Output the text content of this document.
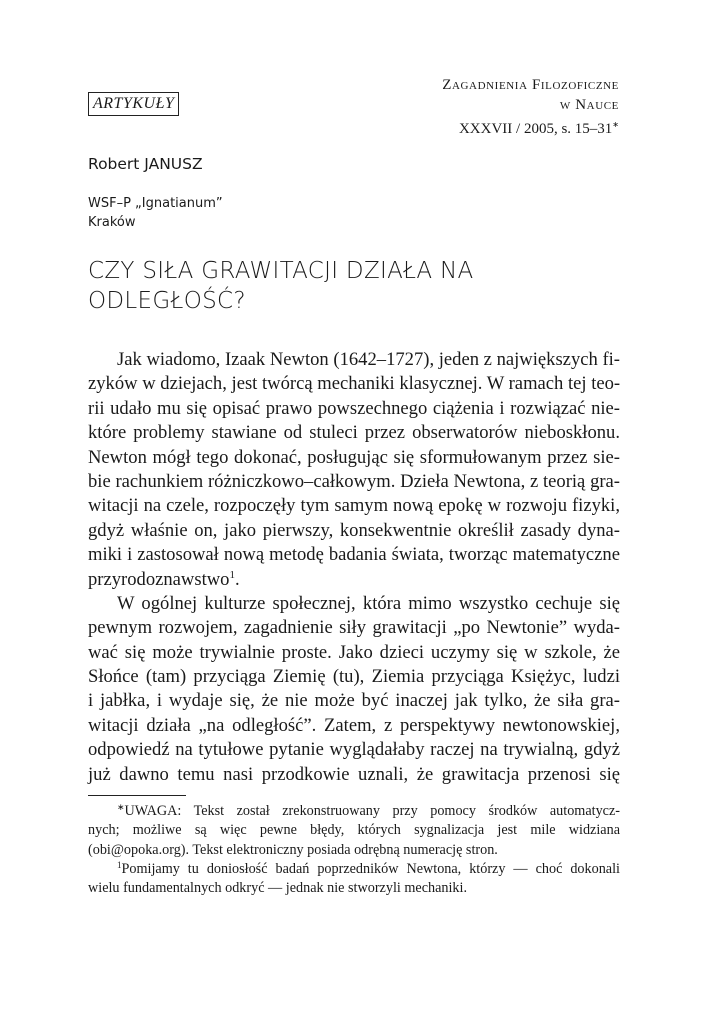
ARTYKUŁY
Zagadnienia Filozoficzne
w Nauce
XXXVII / 2005, s. 15–31∗
Robert JANUSZ
WSF–P „Ignatianum”
Kraków
CZY SIŁA GRAWITACJI DZIAŁA NA
ODLEGŁOŚĆ?
Jak wiadomo, Izaak Newton (1642–1727), jeden z największych fi-
zyków w dziejach, jest twórcą mechaniki klasycznej. W ramach tej teo-
rii udało mu się opisać prawo powszechnego ciążenia i rozwiązać nie-
które problemy stawiane od stuleci przez obserwatorów nieboskłonu.
Newton mógł tego dokonać, posługując się sformułowanym przez sie-
bie rachunkiem różniczkowo–całkowym. Dzieła Newtona, z teorią gra-
witacji na czele, rozpoczęły tym samym nową epokę w rozwoju fizyki,
gdyż właśnie on, jako pierwszy, konsekwentnie określił zasady dyna-
miki i zastosował nową metodę badania świata, tworząc matematyczne
przyrodoznawstwo$^1$.
W ogólnej kulturze społecznej, która mimo wszystko cechuje się
pewnym rozwojem, zagadnienie siły grawitacji „po Newtonie” wyda-
wać się może trywialnie proste. Jako dzieci uczymy się w szkole, że
Słońce (tam) przyciąga Ziemię (tu), Ziemia przyciąga Księżyc, ludzi
i jabłka, i wydaje się, że nie może być inaczej jak tylko, że siła gra-
witacji działa „na odległość”. Zatem, z perspektywy newtonowskiej,
odpowiedź na tytułowe pytanie wyglądałaby raczej na trywialną, gdyż
już dawno temu nasi przodkowie uznali, że grawitacja przenosi się
∗UWAGA: Tekst został zrekonstruowany przy pomocy środków automatycz-
nych; możliwe są więc pewne błędy, których sygnalizacja jest mile widziana
(obi@opoka.org). Tekst elektroniczny posiada odrębną numerację stron.
$^1$Pomijamy tu doniosłość badań poprzedników Newtona, którzy — choć dokonali
wielu fundamentalnych odkryć — jednak nie stworzyli mechaniki.
